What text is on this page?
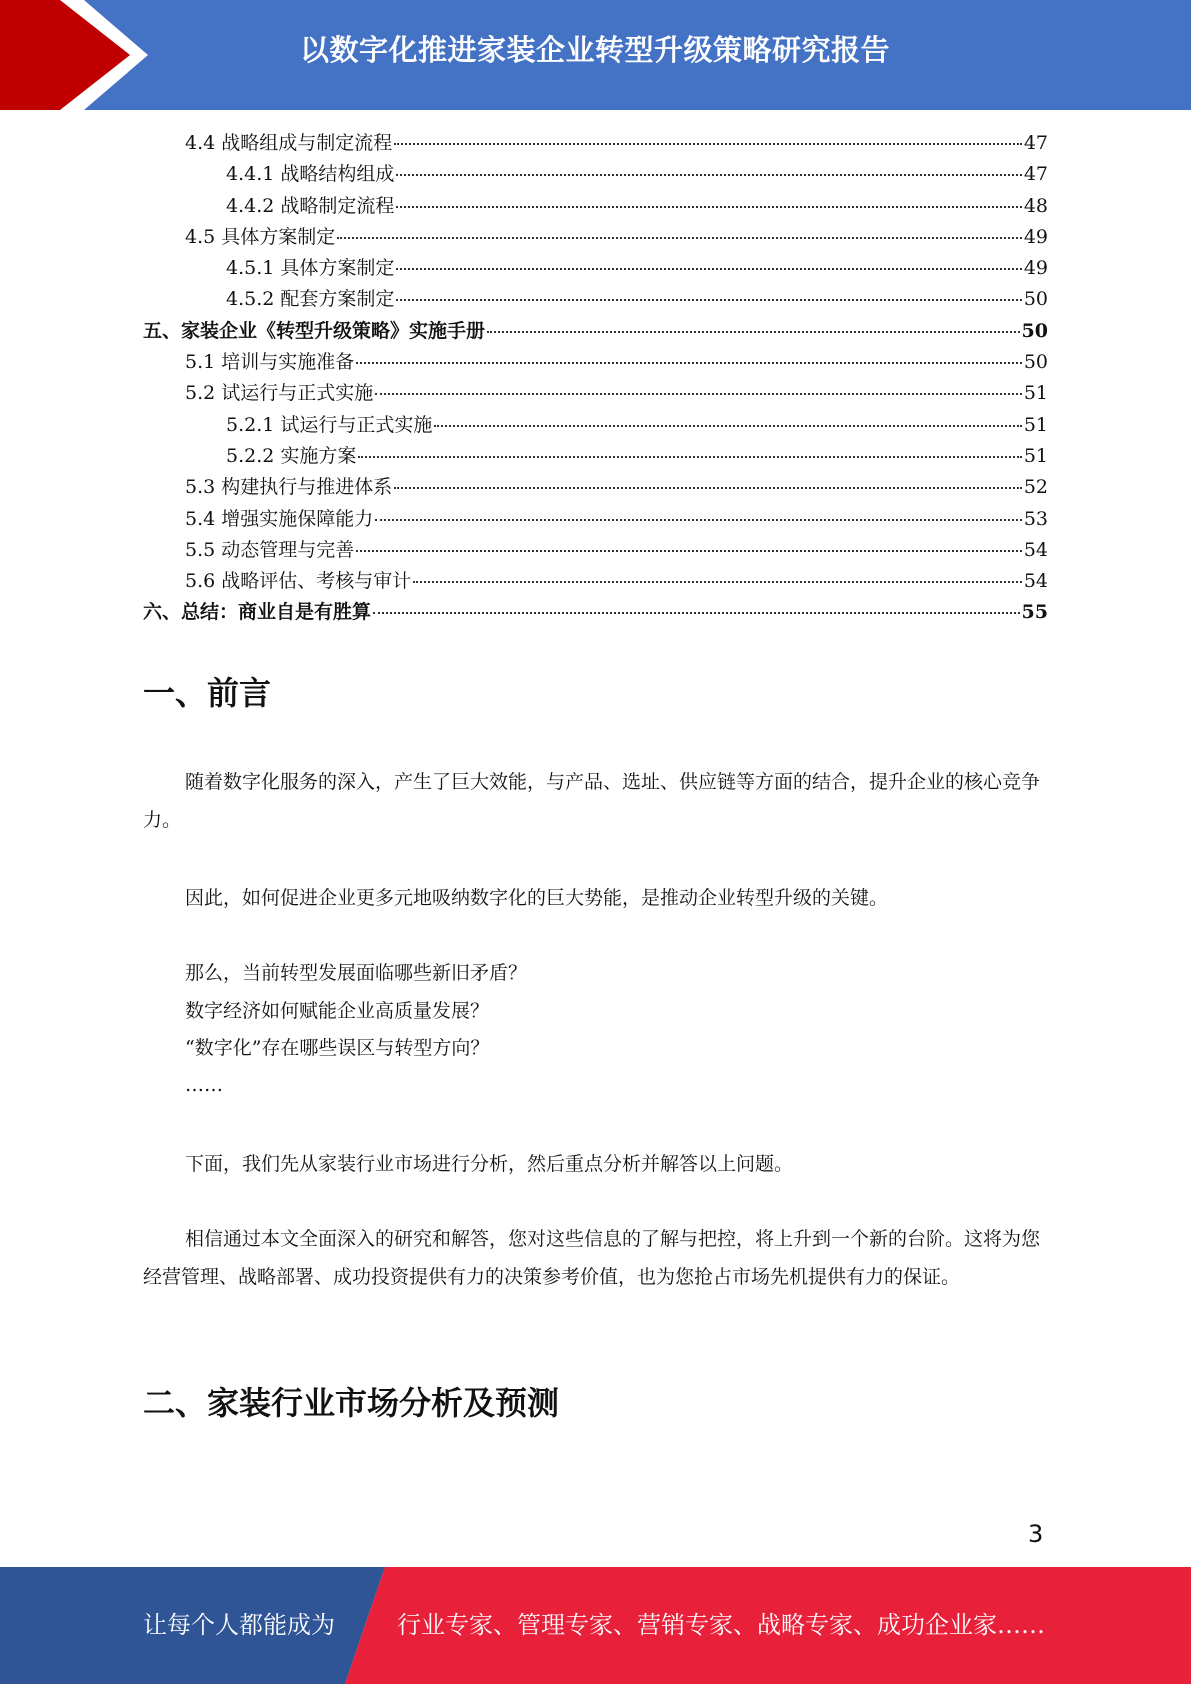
以数字化推进家装企业转型升级策略研究报告
4.4 战略组成与制定流程	47
4.4.1 战略结构组成	47
4.4.2 战略制定流程	48
4.5 具体方案制定	49
4.5.1 具体方案制定	49
4.5.2 配套方案制定	50
五、家装企业《转型升级策略》实施手册	50
5.1 培训与实施准备	50
5.2 试运行与正式实施	51
5.2.1 试运行与正式实施	51
5.2.2 实施方案	51
5.3 构建执行与推进体系	52
5.4 增强实施保障能力	53
5.5 动态管理与完善	54
5.6 战略评估、考核与审计	54
六、总结：商业自是有胜算	55
一、前言
随着数字化服务的深入，产生了巨大效能，与产品、选址、供应链等方面的结合，提升企业的核心竞争力。
因此，如何促进企业更多元地吸纳数字化的巨大势能，是推动企业转型升级的关键。
那么，当前转型发展面临哪些新旧矛盾？
数字经济如何赋能企业高质量发展？
“数字化”存在哪些误区与转型方向？
……
下面，我们先从家装行业市场进行分析，然后重点分析并解答以上问题。
相信通过本文全面深入的研究和解答，您对这些信息的了解与把控，将上升到一个新的台阶。这将为您经营管理、战略部署、成功投资提供有力的决策参考价值，也为您抢占市场先机提供有力的保证。
二、家装行业市场分析及预测
3
让每个人都能成为	行业专家、管理专家、营销专家、战略专家、成功企业家……
